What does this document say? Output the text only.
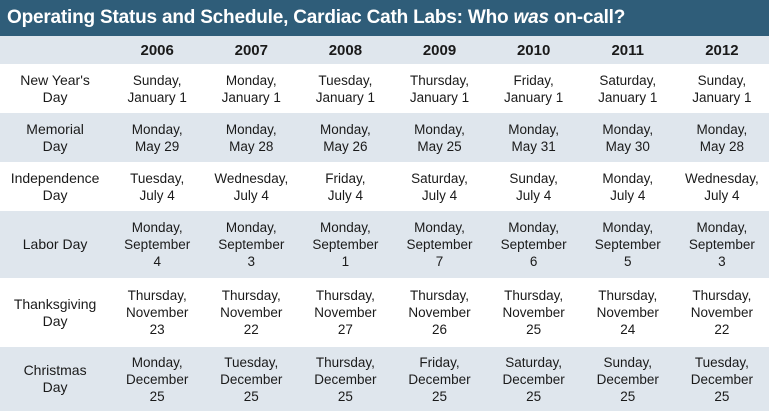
Operating Status and Schedule, Cardiac Cath Labs: Who was on-call?
	2006	2007	2008	2009	2010	2011	2012

New Year's
Day	Sunday,
January 1	Monday,
January 1	Tuesday,
January 1	Thursday,
January 1	Friday,
January 1	Saturday,
January 1	Sunday,
January 1

Memorial
Day	Monday,
May 29	Monday,
May 28	Monday,
May 26	Monday,
May 25	Monday,
May 31	Monday,
May 30	Monday,
May 28

Independence
Day	Tuesday,
July 4	Wednesday,
July 4	Friday,
July 4	Saturday,
July 4	Sunday,
July 4	Monday,
July 4	Wednesday,
July 4

Labor Day	Monday,
September
4	Monday,
September
3	Monday,
September
1	Monday,
September
7	Monday,
September
6	Monday,
September
5	Monday,
September
3

Thanksgiving
Day	Thursday,
November
23	Thursday,
November
22	Thursday,
November
27	Thursday,
November
26	Thursday,
November
25	Thursday,
November
24	Thursday,
November
22

Christmas
Day	Monday,
December
25	Tuesday,
December
25	Thursday,
December
25	Friday,
December
25	Saturday,
December
25	Sunday,
December
25	Tuesday,
December
25
